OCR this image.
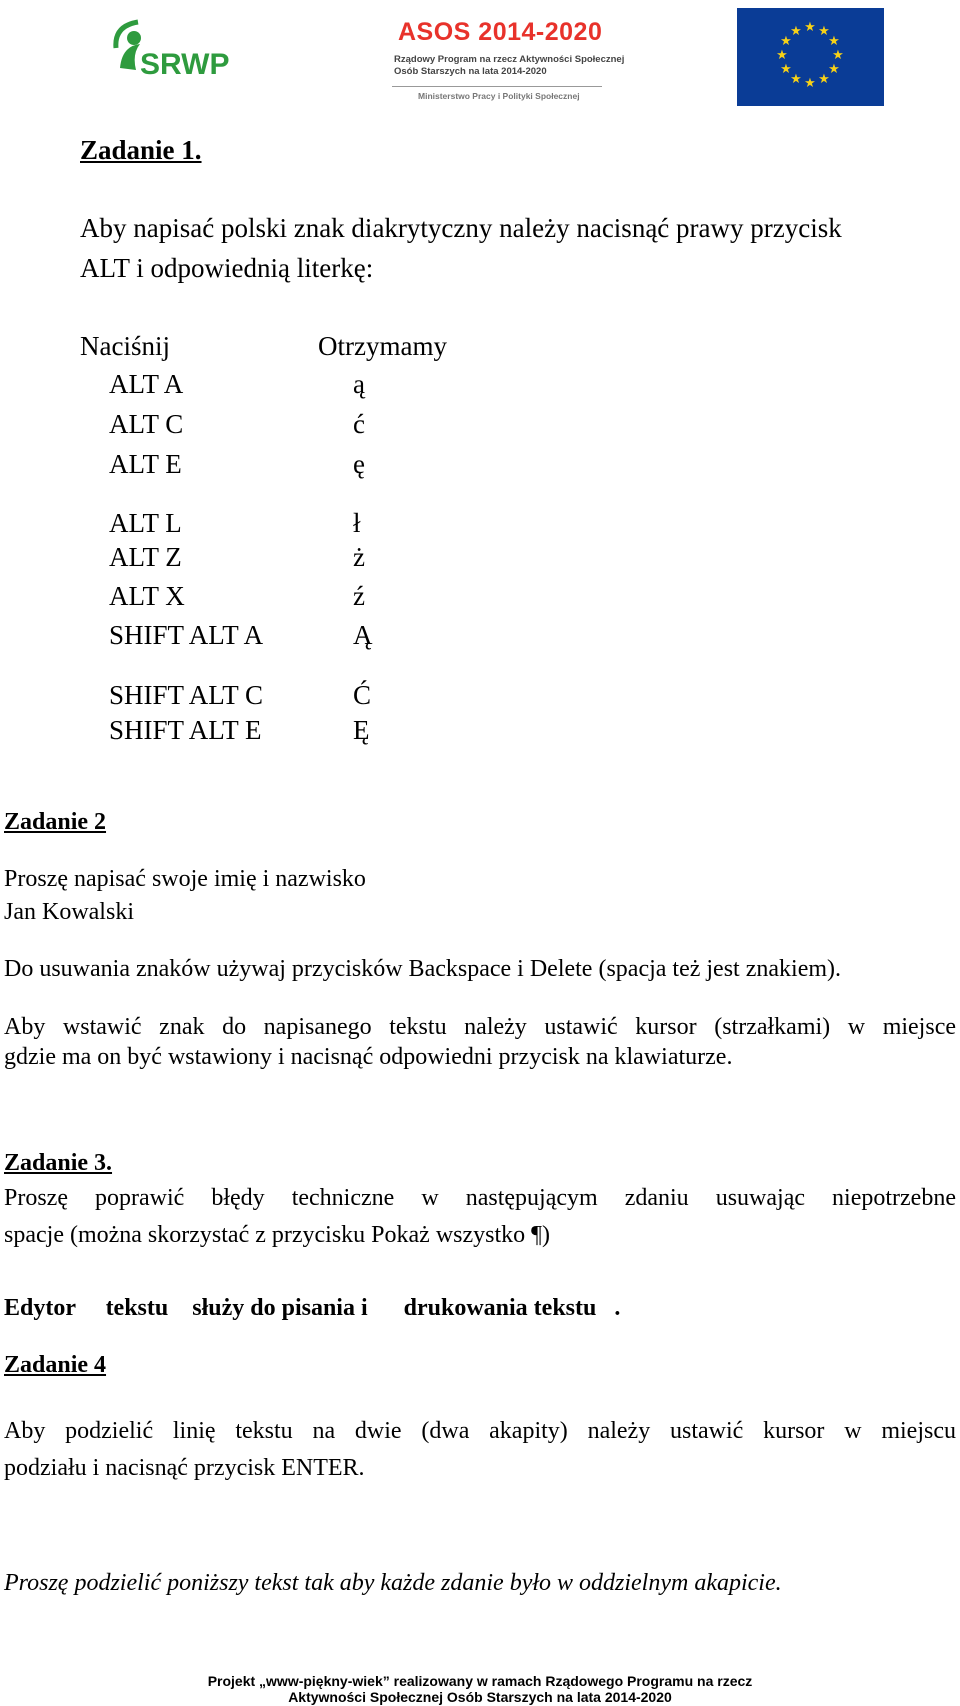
SRWP
ASOS 2014-2020
Rządowy Program na rzecz Aktywności Społecznej
Osób Starszych na lata 2014-2020
Ministerstwo Pracy i Polityki Społecznej
★ ★
★
★
★
★
★
★
★
★
★
★
Zadanie 1.
Aby napisać polski znak diakrytyczny należy nacisnąć prawy przycisk
ALT i odpowiednią literkę:
Naciśnij	Otrzymamy
ALT A	ą
ALT C	ć
ALT E	ę
ALT L	ł
ALT Z	ż
ALT X	ź
SHIFT ALT A	Ą
SHIFT ALT C	Ć
SHIFT ALT E	Ę
Zadanie 2
Proszę napisać swoje imię i nazwisko
Jan Kowalski
Do usuwania znaków używaj przycisków Backspace i Delete (spacja też jest znakiem).
Aby wstawić znak do napisanego tekstu należy ustawić kursor (strzałkami) w miejsce
gdzie ma on być wstawiony i nacisnąć odpowiedni przycisk na klawiaturze.
Zadanie 3.
Proszę poprawić błędy techniczne w następującym zdaniu usuwając niepotrzebne
spacje (można skorzystać z przycisku Pokaż wszystko ¶)
Edytor     tekstu    służy do pisania i      drukowania tekstu   .
Zadanie 4
Aby podzielić linię tekstu na dwie (dwa akapity) należy ustawić kursor w miejscu
podziału i nacisnąć przycisk ENTER.
Proszę podzielić poniższy tekst tak aby każde zdanie było w oddzielnym akapicie.
Projekt „www-piękny-wiek” realizowany w ramach Rządowego Programu na rzecz
Aktywności Społecznej Osób Starszych na lata 2014-2020
